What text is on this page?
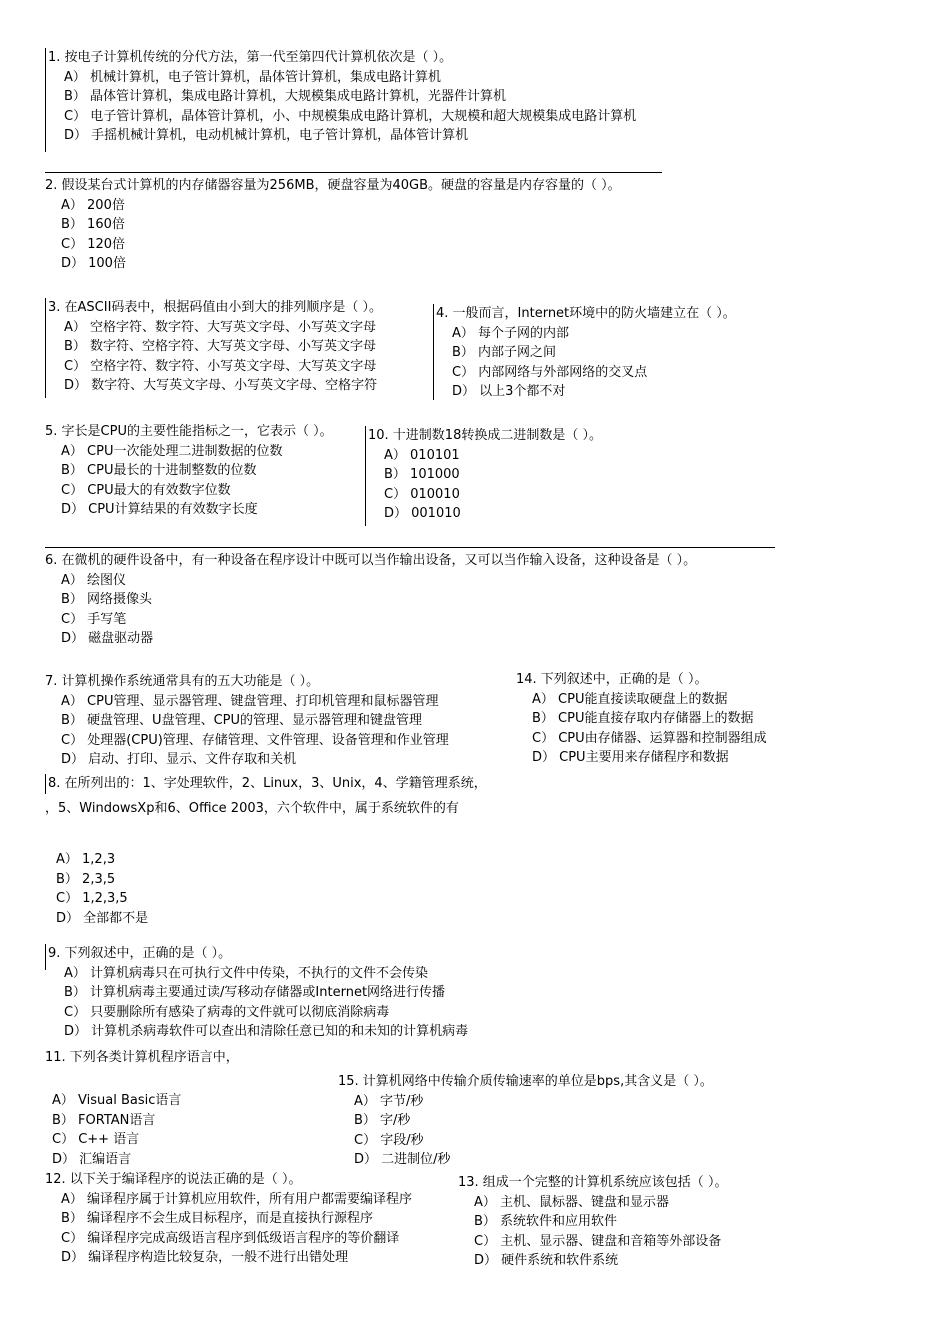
1. 按电子计算机传统的分代方法，第一代至第四代计算机依次是（ ）。
A） 机械计算机，电子管计算机，晶体管计算机，集成电路计算机
B） 晶体管计算机，集成电路计算机，大规模集成电路计算机，光器件计算机
C） 电子管计算机，晶体管计算机，小、中规模集成电路计算机，大规模和超大规模集成电路计算机
D） 手摇机械计算机，电动机械计算机，电子管计算机，晶体管计算机
2. 假设某台式计算机的内存储器容量为256MB，硬盘容量为40GB。硬盘的容量是内存容量的（ ）。
A） 200倍
B） 160倍
C） 120倍
D） 100倍
3. 在ASCII码表中，根据码值由小到大的排列顺序是（ ）。
A） 空格字符、数字符、大写英文字母、小写英文字母
B） 数字符、空格字符、大写英文字母、小写英文字母
C） 空格字符、数字符、小写英文字母、大写英文字母
D） 数字符、大写英文字母、小写英文字母、空格字符
4. 一般而言，Internet环境中的防火墙建立在（ ）。
A） 每个子网的内部
B） 内部子网之间
C） 内部网络与外部网络的交叉点
D） 以上3个都不对
5. 字长是CPU的主要性能指标之一，它表示（ ）。
A） CPU一次能处理二进制数据的位数
B） CPU最长的十进制整数的位数
C） CPU最大的有效数字位数
D） CPU计算结果的有效数字长度
10. 十进制数18转换成二进制数是（ ）。
A） 010101
B） 101000
C） 010010
D） 001010
6. 在微机的硬件设备中，有一种设备在程序设计中既可以当作输出设备，又可以当作输入设备，这种设备是（ ）。
A） 绘图仪
B） 网络摄像头
C） 手写笔
D） 磁盘驱动器
7. 计算机操作系统通常具有的五大功能是（ ）。
A） CPU管理、显示器管理、键盘管理、打印机管理和鼠标器管理
B） 硬盘管理、U盘管理、CPU的管理、显示器管理和键盘管理
C） 处理器(CPU)管理、存储管理、文件管理、设备管理和作业管理
D） 启动、打印、显示、文件存取和关机
14. 下列叙述中，正确的是（ ）。
A） CPU能直接读取硬盘上的数据
B） CPU能直接存取内存储器上的数据
C） CPU由存储器、运算器和控制器组成
D） CPU主要用来存储程序和数据
8. 在所列出的：1、字处理软件，2、Linux，3、Unix，4、学籍管理系统，
，5、WindowsXp和6、Office 2003，六个软件中，属于系统软件的有
A） 1,2,3
B） 2,3,5
C） 1,2,3,5
D） 全部都不是
9. 下列叙述中，正确的是（ ）。
A） 计算机病毒只在可执行文件中传染，不执行的文件不会传染
B） 计算机病毒主要通过读/写移动存储器或Internet网络进行传播
C） 只要删除所有感染了病毒的文件就可以彻底消除病毒
D） 计算机杀病毒软件可以查出和清除任意已知的和未知的计算机病毒
11. 下列各类计算机程序语言中，
A） Visual Basic语言
B） FORTAN语言
C） C++ 语言
D） 汇编语言
15. 计算机网络中传输介质传输速率的单位是bps,其含义是（ ）。
A） 字节/秒
B） 字/秒
C） 字段/秒
D） 二进制位/秒
12. 以下关于编译程序的说法正确的是（ ）。
A） 编译程序属于计算机应用软件，所有用户都需要编译程序
B） 编译程序不会生成目标程序，而是直接执行源程序
C） 编译程序完成高级语言程序到低级语言程序的等价翻译
D） 编译程序构造比较复杂，一般不进行出错处理
13. 组成一个完整的计算机系统应该包括（ ）。
A） 主机、鼠标器、键盘和显示器
B） 系统软件和应用软件
C） 主机、显示器、键盘和音箱等外部设备
D） 硬件系统和软件系统
